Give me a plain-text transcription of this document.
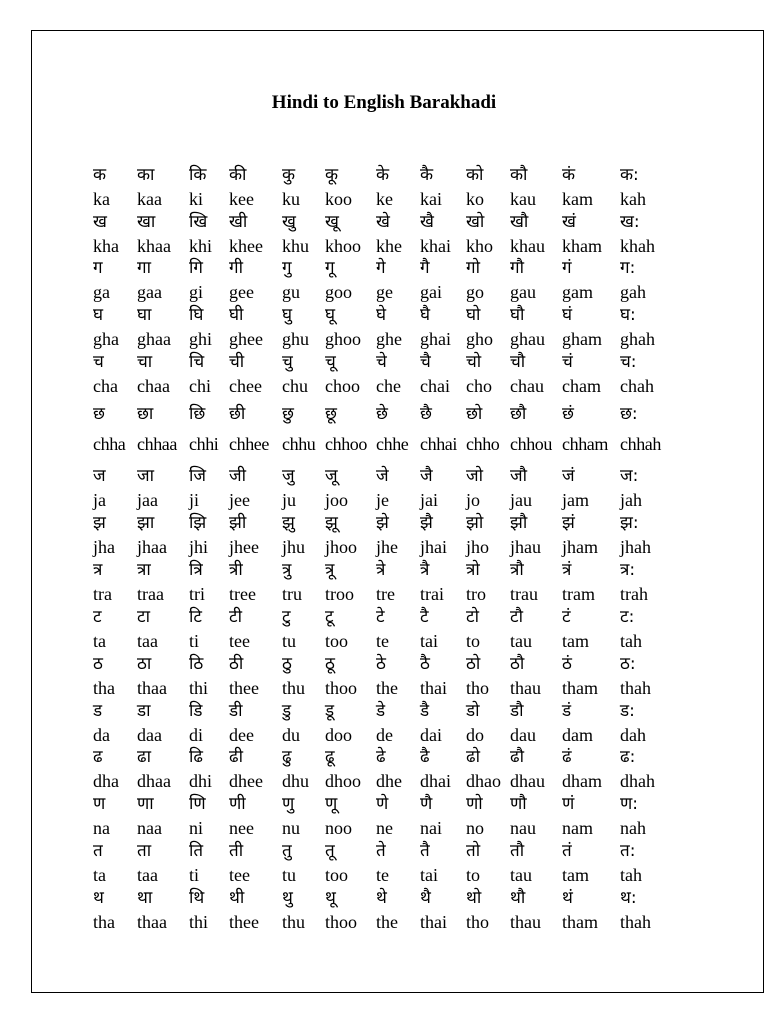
Hindi to English Barakhadi
क
ka
का
kaa
कि
ki
की
kee
कु
ku
कू
koo
के
ke
कै
kai
को
ko
कौ
kau
कं
kam
क:
kah
ख
kha
खा
khaa
खि
khi
खी
khee
खु
khu
खू
khoo
खे
khe
खै
khai
खो
kho
खौ
khau
खं
kham
ख:
khah
ग
ga
गा
gaa
गि
gi
गी
gee
गु
gu
गू
goo
गे
ge
गै
gai
गो
go
गौ
gau
गं
gam
ग:
gah
घ
gha
घा
ghaa
घि
ghi
घी
ghee
घु
ghu
घू
ghoo
घे
ghe
घै
ghai
घो
gho
घौ
ghau
घं
gham
घ:
ghah
च
cha
चा
chaa
चि
chi
ची
chee
चु
chu
चू
choo
चे
che
चै
chai
चो
cho
चौ
chau
चं
cham
च:
chah
छ
chha
छा
chhaa
छि
chhi
छी
chhee
छु
chhu
छू
chhoo
छे
chhe
छै
chhai
छो
chho
छौ
chhou
छं
chham
छ:
chhah
ज
ja
जा
jaa
जि
ji
जी
jee
जु
ju
जू
joo
जे
je
जै
jai
जो
jo
जौ
jau
जं
jam
ज:
jah
झ
jha
झा
jhaa
झि
jhi
झी
jhee
झु
jhu
झू
jhoo
झे
jhe
झै
jhai
झो
jho
झौ
jhau
झं
jham
झ:
jhah
त्र
tra
त्रा
traa
त्रि
tri
त्री
tree
त्रु
tru
त्रू
troo
त्रे
tre
त्रै
trai
त्रो
tro
त्रौ
trau
त्रं
tram
त्र:
trah
ट
ta
टा
taa
टि
ti
टी
tee
टु
tu
टू
too
टे
te
टै
tai
टो
to
टौ
tau
टं
tam
ट:
tah
ठ
tha
ठा
thaa
ठि
thi
ठी
thee
ठु
thu
ठू
thoo
ठे
the
ठै
thai
ठो
tho
ठौ
thau
ठं
tham
ठ:
thah
ड
da
डा
daa
डि
di
डी
dee
डु
du
डू
doo
डे
de
डै
dai
डो
do
डौ
dau
डं
dam
ड:
dah
ढ
dha
ढा
dhaa
ढि
dhi
ढी
dhee
ढु
dhu
ढू
dhoo
ढे
dhe
ढै
dhai
ढो
dhao
ढौ
dhau
ढं
dham
ढ:
dhah
ण
na
णा
naa
णि
ni
णी
nee
णु
nu
णू
noo
णे
ne
णै
nai
णो
no
णौ
nau
णं
nam
ण:
nah
त
ta
ता
taa
ति
ti
ती
tee
तु
tu
तू
too
ते
te
तै
tai
तो
to
तौ
tau
तं
tam
त:
tah
थ
tha
था
thaa
थि
thi
थी
thee
थु
thu
थू
thoo
थे
the
थै
thai
थो
tho
थौ
thau
थं
tham
थ:
thah
